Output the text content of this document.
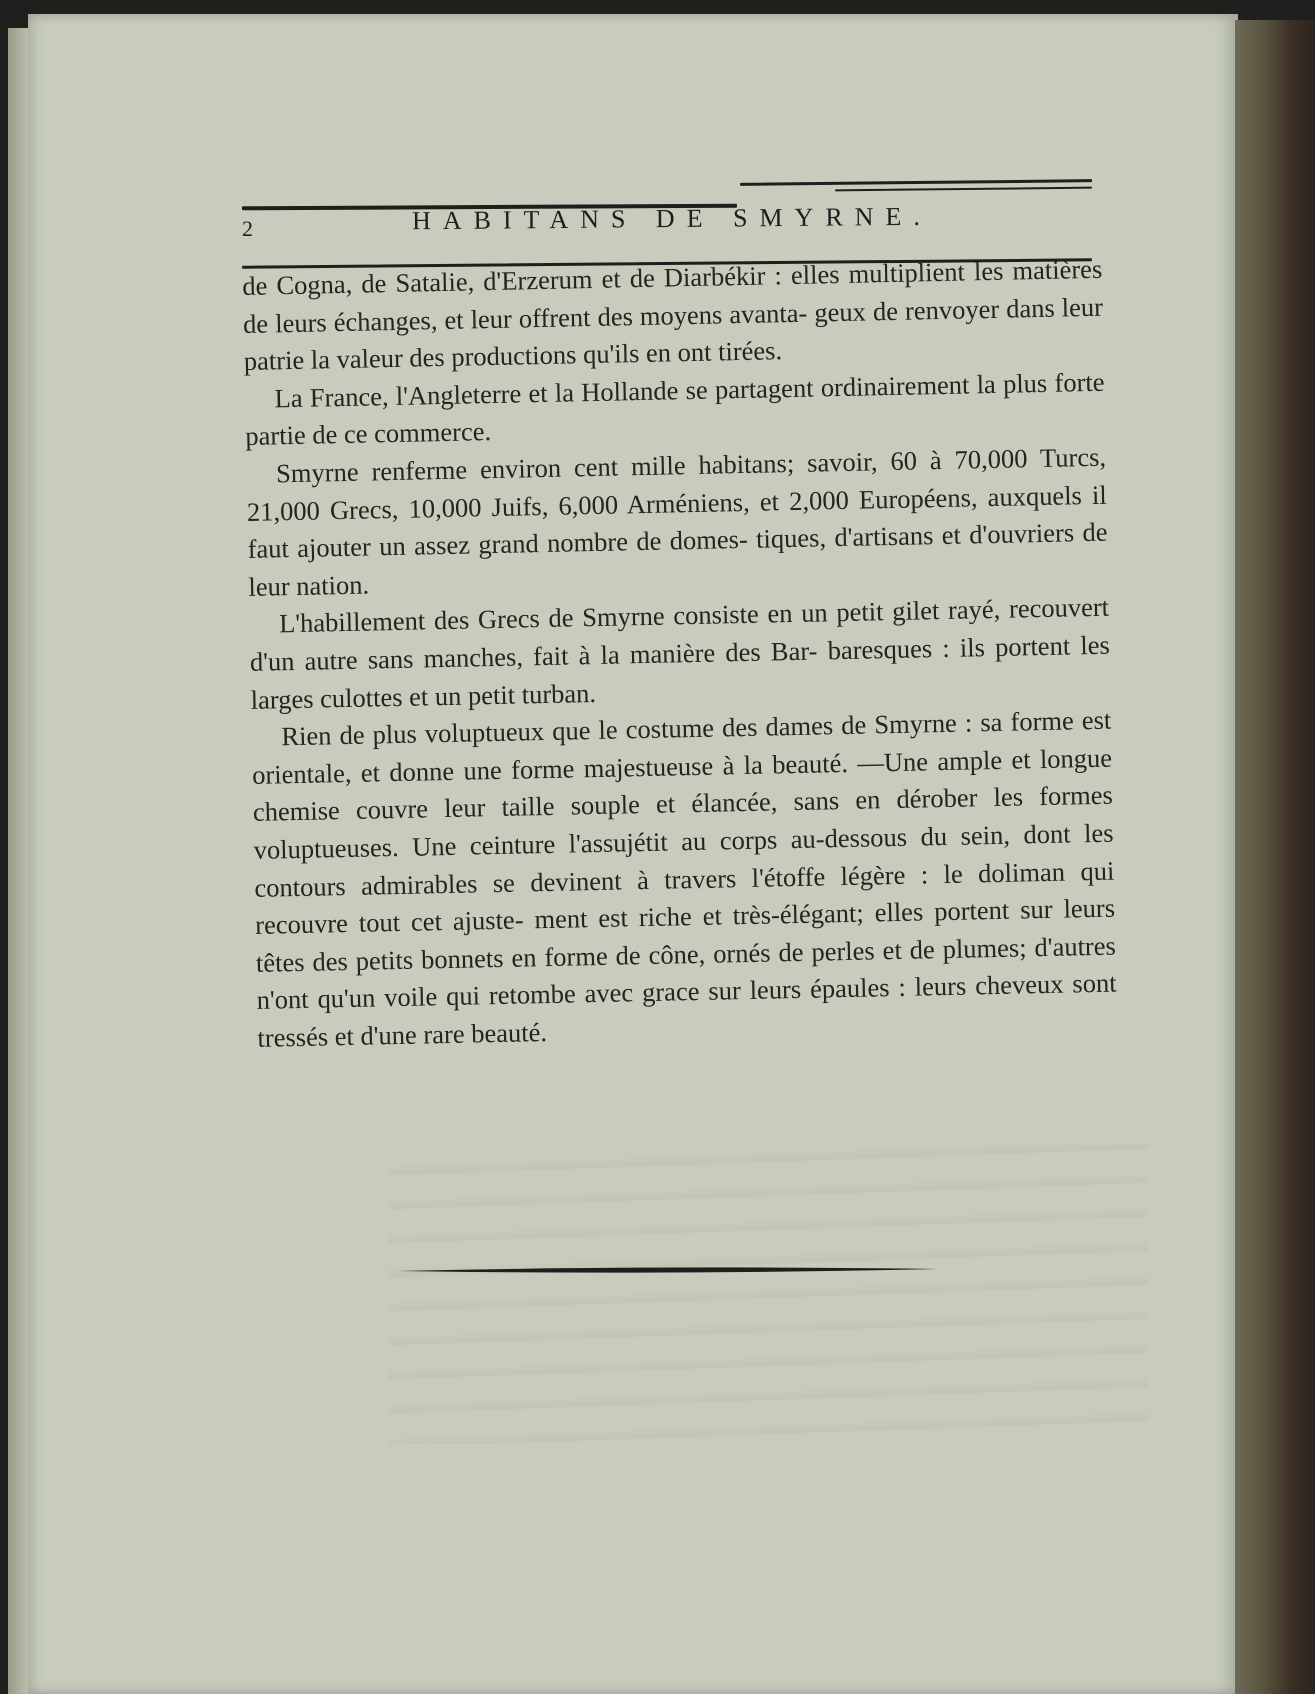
2	HABITANS DE SMYRNE.

de Cogna, de Satalie, d'Erzerum et de Diarbékir : elles multiplient les matières de leurs échanges, et leur offrent des moyens avanta- geux de renvoyer dans leur patrie la valeur des productions qu'ils en ont tirées.

La France, l'Angleterre et la Hollande se partagent ordinairement la plus forte partie de ce commerce.

Smyrne renferme environ cent mille habitans; savoir, 60 à 70,000 Turcs, 21,000 Grecs, 10,000 Juifs, 6,000 Arméniens, et 2,000 Européens, auxquels il faut ajouter un assez grand nombre de domes- tiques, d'artisans et d'ouvriers de leur nation.

L'habillement des Grecs de Smyrne consiste en un petit gilet rayé, recouvert d'un autre sans manches, fait à la manière des Bar- baresques : ils portent les larges culottes et un petit turban.

Rien de plus voluptueux que le costume des dames de Smyrne : sa forme est orientale, et donne une forme majestueuse à la beauté. —Une ample et longue chemise couvre leur taille souple et élancée, sans en dérober les formes voluptueuses. Une ceinture l'assujétit au corps au-dessous du sein, dont les contours admirables se devinent à travers l'étoffe légère : le doliman qui recouvre tout cet ajuste- ment est riche et très-élégant; elles portent sur leurs têtes des petits bonnets en forme de cône, ornés de perles et de plumes; d'autres n'ont qu'un voile qui retombe avec grace sur leurs épaules : leurs cheveux sont tressés et d'une rare beauté.
